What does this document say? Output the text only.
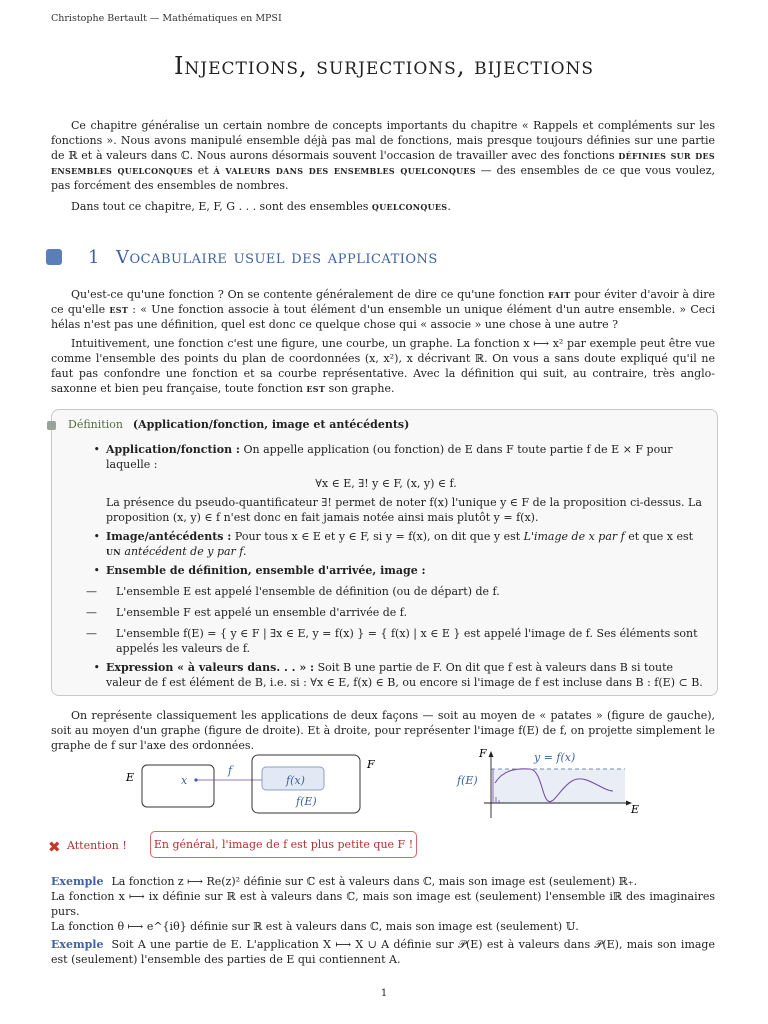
Christophe Bertault — Mathématiques en MPSI
Injections, surjections, bijections

Ce chapitre généralise un certain nombre de concepts importants du chapitre « Rappels et compléments sur les fonctions ». Nous avons manipulé ensemble déjà pas mal de fonctions, mais presque toujours définies sur une partie de ℝ et à valeurs dans ℂ. Nous aurons désormais souvent l'occasion de travailler avec des fonctions définies sur des ensembles quelconques et à valeurs dans des ensembles quelconques — des ensembles de ce que vous voulez, pas forcément des ensembles de nombres.

Dans tout ce chapitre, E, F, G . . . sont des ensembles quelconques.

1 Vocabulaire usuel des applications

Qu'est-ce qu'une fonction ? On se contente généralement de dire ce qu'une fonction fait pour éviter d'avoir à dire ce qu'elle est : « Une fonction associe à tout élément d'un ensemble un unique élément d'un autre ensemble. » Ceci hélas n'est pas une définition, quel est donc ce quelque chose qui « associe » une chose à une autre ?

Intuitivement, une fonction c'est une figure, une courbe, un graphe. La fonction x ⟼ x² par exemple peut être vue comme l'ensemble des points du plan de coordonnées (x, x²), x décrivant ℝ. On vous a sans doute expliqué qu'il ne faut pas confondre une fonction et sa courbe représentative. Avec la définition qui suit, au contraire, très anglo-saxonne et bien peu française, toute fonction est son graphe.

Définition (Application/fonction, image et antécédents)
• Application/fonction : On appelle application (ou fonction) de E dans F toute partie f de E × F pour laquelle :
∀x ∈ E, ∃! y ∈ F, (x, y) ∈ f.
La présence du pseudo-quantificateur ∃! permet de noter f(x) l'unique y ∈ F de la proposition ci-dessus. La proposition (x, y) ∈ f n'est donc en fait jamais notée ainsi mais plutôt y = f(x).
• Image/antécédents : Pour tous x ∈ E et y ∈ F, si y = f(x), on dit que y est L'image de x par f et que x est un antécédent de y par f.
• Ensemble de définition, ensemble d'arrivée, image :
—	L'ensemble E est appelé l'ensemble de définition (ou de départ) de f.
—	L'ensemble F est appelé un ensemble d'arrivée de f.
—	L'ensemble f(E) = { y ∈ F | ∃x ∈ E, y = f(x) } = { f(x) | x ∈ E } est appelé l'image de f. Ses éléments sont appelés les valeurs de f.
• Expression « à valeurs dans. . . » : Soit B une partie de F. On dit que f est à valeurs dans B si toute valeur de f est élément de B, i.e. si : ∀x ∈ E, f(x) ∈ B, ou encore si l'image de f est incluse dans B : f(E) ⊂ B.

On représente classiquement les applications de deux façons — soit au moyen de « patates » (figure de gauche), soit au moyen d'un graphe (figure de droite). Et à droite, pour représenter l'image f(E) de f, on projette simplement le graphe de f sur l'axe des ordonnées.

E	x
f	F
f(x)
f(E)
F
E
f(E)
y = f(x)
✖ Attention ! En général, l'image de f est plus petite que F !
Exemple La fonction z ⟼ Re(z)² définie sur ℂ est à valeurs dans ℂ, mais son image est (seulement) ℝ₊.
La fonction x ⟼ ix définie sur ℝ est à valeurs dans ℂ, mais son image est (seulement) l'ensemble iℝ des imaginaires purs.
La fonction θ ⟼ e^{iθ} définie sur ℝ est à valeurs dans ℂ, mais son image est (seulement) 𝕌.
Exemple Soit A une partie de E. L'application X ⟼ X ∪ A définie sur 𝒫(E) est à valeurs dans 𝒫(E), mais son image est (seulement) l'ensemble des parties de E qui contiennent A.
1
